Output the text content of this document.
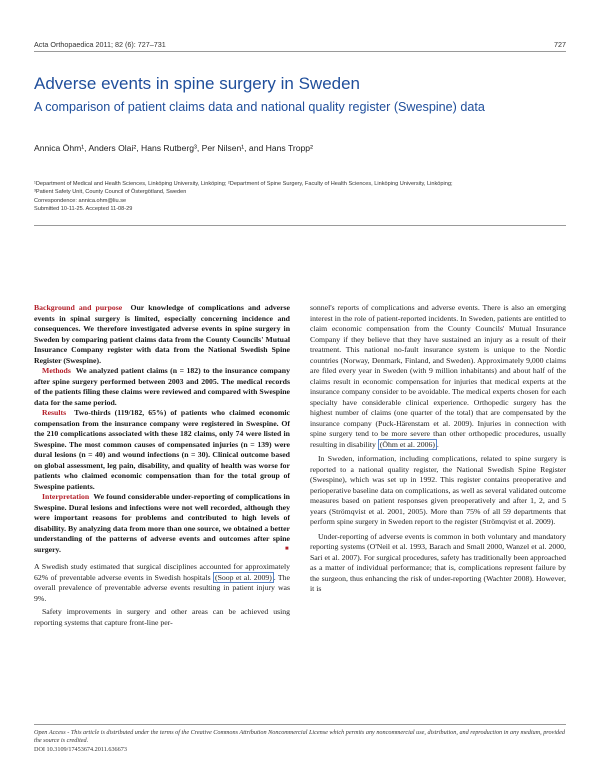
Acta Orthopaedica 2011; 82 (6): 727–731	727
Adverse events in spine surgery in Sweden
A comparison of patient claims data and national quality register (Swespine) data
Annica Öhm¹, Anders Olai², Hans Rutberg³, Per Nilsen¹, and Hans Tropp²
¹Department of Medical and Health Sciences, Linköping University, Linköping; ²Department of Spine Surgery, Faculty of Health Sciences, Linköping University, Linköping;
³Patient Safety Unit, County Council of Östergötland, Sweden
Correspondence: annica.ohm@liu.se
Submitted 10-11-25. Accepted 11-08-29

Background and purpose Our knowledge of complications and adverse events in spinal surgery is limited, especially concerning incidence and consequences. We therefore investigated adverse events in spine surgery in Sweden by comparing patient claims data from the County Councils' Mutual Insurance Company register with data from the National Swedish Spine Register (Swespine).

Methods We analyzed patient claims (n = 182) to the insurance company after spine surgery performed between 2003 and 2005. The medical records of the patients filing these claims were reviewed and compared with Swespine data for the same period.

Results Two-thirds (119/182, 65%) of patients who claimed economic compensation from the insurance company were registered in Swespine. Of the 210 complications associated with these 182 claims, only 74 were listed in Swespine. The most common causes of compensated injuries (n = 139) were dural lesions (n = 40) and wound infections (n = 30). Clinical outcome based on global assessment, leg pain, disability, and quality of health was worse for patients who claimed economic compensation than for the total group of Swespine patients.

Interpretation We found considerable under-reporting of complications in Swespine. Dural lesions and infections were not well recorded, although they were important reasons for problems and contributed to high levels of disability. By analyzing data from more than one source, we obtained a better understanding of the patterns of adverse events and outcomes after spine surgery.	■

A Swedish study estimated that surgical disciplines accounted for approximately 62% of preventable adverse events in Swedish hospitals (Soop et al. 2009) . The overall prevalence of preventable adverse events resulting in patient injury was 9%.

Safety improvements in surgery and other areas can be achieved using reporting systems that capture front-line per-

sonnel's reports of complications and adverse events. There is also an emerging interest in the role of patient-reported incidents. In Sweden, patients are entitled to claim economic compensation from the County Councils' Mutual Insurance Company if they believe that they have sustained an injury as a result of their treatment. This national no-fault insurance system is unique to the Nordic countries (Norway, Denmark, Finland, and Sweden). Approximately 9,000 claims are filed every year in Sweden (with 9 million inhabitants) and about half of the claims result in economic compensation for injuries that medical experts at the insurance company consider to be avoidable. The medical experts chosen for each specialty have considerable clinical experience. Orthopedic surgery has the highest number of claims (one quarter of the total) that are compensated by the insurance company (Puck-Härenstam et al. 2009). Injuries in connection with spine surgery tend to be more severe than other orthopedic procedures, usually resulting in disability (Öhm et al. 2006) .

In Sweden, information, including complications, related to spine surgery is reported to a national quality register, the National Swedish Spine Register (Swespine), which was set up in 1992. This register contains preoperative and perioperative baseline data on complications, as well as several validated outcome measures based on patient responses given preoperatively and after 1, 2, and 5 years (Strömqvist et al. 2001, 2005). More than 75% of all 59 departments that perform spine surgery in Sweden report to the register (Strömqvist et al. 2009).

Under-reporting of adverse events is common in both voluntary and mandatory reporting systems (O'Neil et al. 1993, Barach and Small 2000, Wanzel et al. 2000, Sari et al. 2007). For surgical procedures, safety has traditionally been approached as a matter of individual performance; that is, complications represent failure by the surgeon, thus enhancing the risk of under-reporting (Wachter 2008). However, it is

Open Access - This article is distributed under the terms of the Creative Commons Attribution Noncommercial License which permits any noncommercial use, distribution, and reproduction in any medium, provided the source is credited.
DOI 10.3109/17453674.2011.636673
